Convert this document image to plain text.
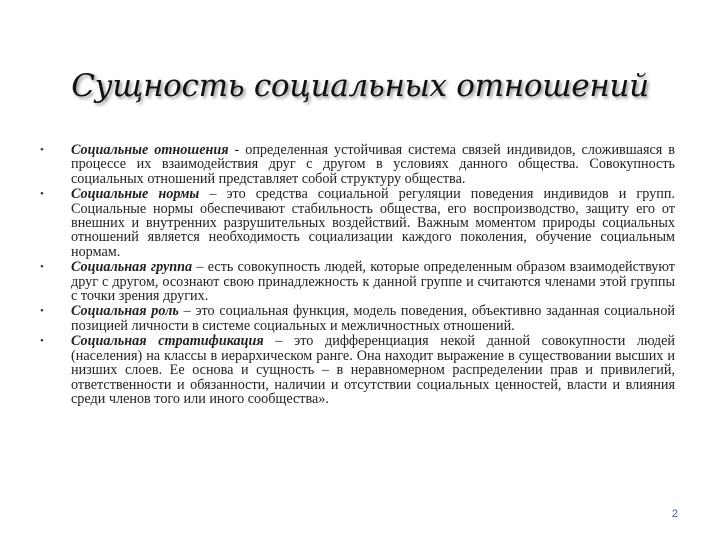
Сущность социальных отношений
•	Социальные отношения - определенная устойчивая система связей индивидов, сложившаяся в процессе их взаимодействия друг с другом в условиях данного общества. Совокупность социальных отношений представляет собой структуру общества.
•	Социальные нормы – это средства социальной регуляции поведения индивидов и групп. Социальные нормы обеспечивают стабильность общества, его воспроизводство, защиту его от внешних и внутренних разрушительных воздействий. Важным моментом природы социальных отношений является необходимость социализации каждого поколения, обучение социальным нормам.
•	Социальная группа – есть совокупность людей, которые определенным образом взаимодействуют друг с другом, осознают свою принадлежность к данной группе и считаются членами этой группы с точки зрения других.
•	Социальная роль – это социальная функция, модель поведения, объективно заданная социальной позицией личности в системе социальных и межличностных отношений.
•	Социальная стратификация – это дифференциация некой данной совокупности людей (населения) на классы в иерархическом ранге. Она находит выражение в существовании высших и низших слоев. Ее основа и сущность – в неравномерном распределении прав и привилегий, ответственности и обязанности, наличии и отсутствии социальных ценностей, власти и влияния среди членов того или иного сообщества».
2
